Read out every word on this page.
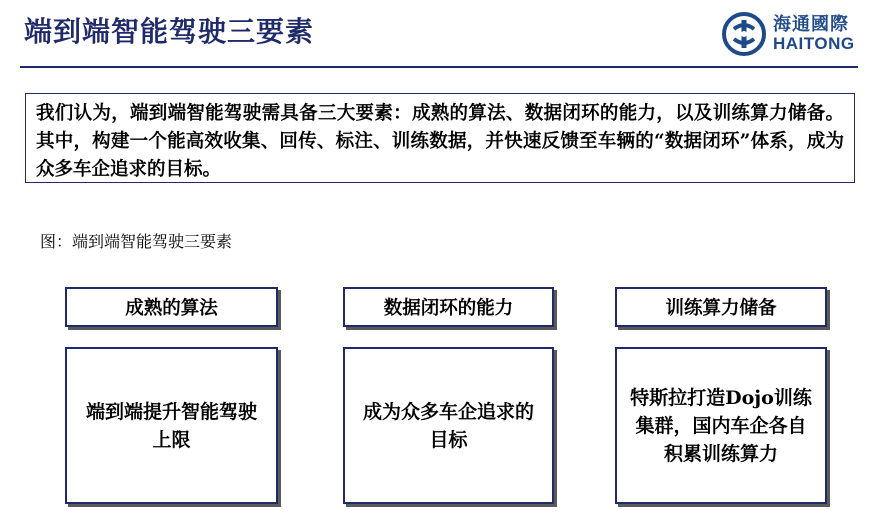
端到端智能驾驶三要素	海通國際
HAITONG
我们认为，端到端智能驾驶需具备三大要素：成熟的算法、数据闭环的能力，以及训练算力储备。其中，构建一个能高效收集、回传、标注、训练数据，并快速反馈至车辆的“数据闭环”体系，成为众多车企追求的目标。
图：端到端智能驾驶三要素
成熟的算法	数据闭环的能力	训练算力储备
端到端提升智能驾驶上限
成为众多车企追求的目标
特斯拉打造Dojo训练集群，国内车企各自积累训练算力
